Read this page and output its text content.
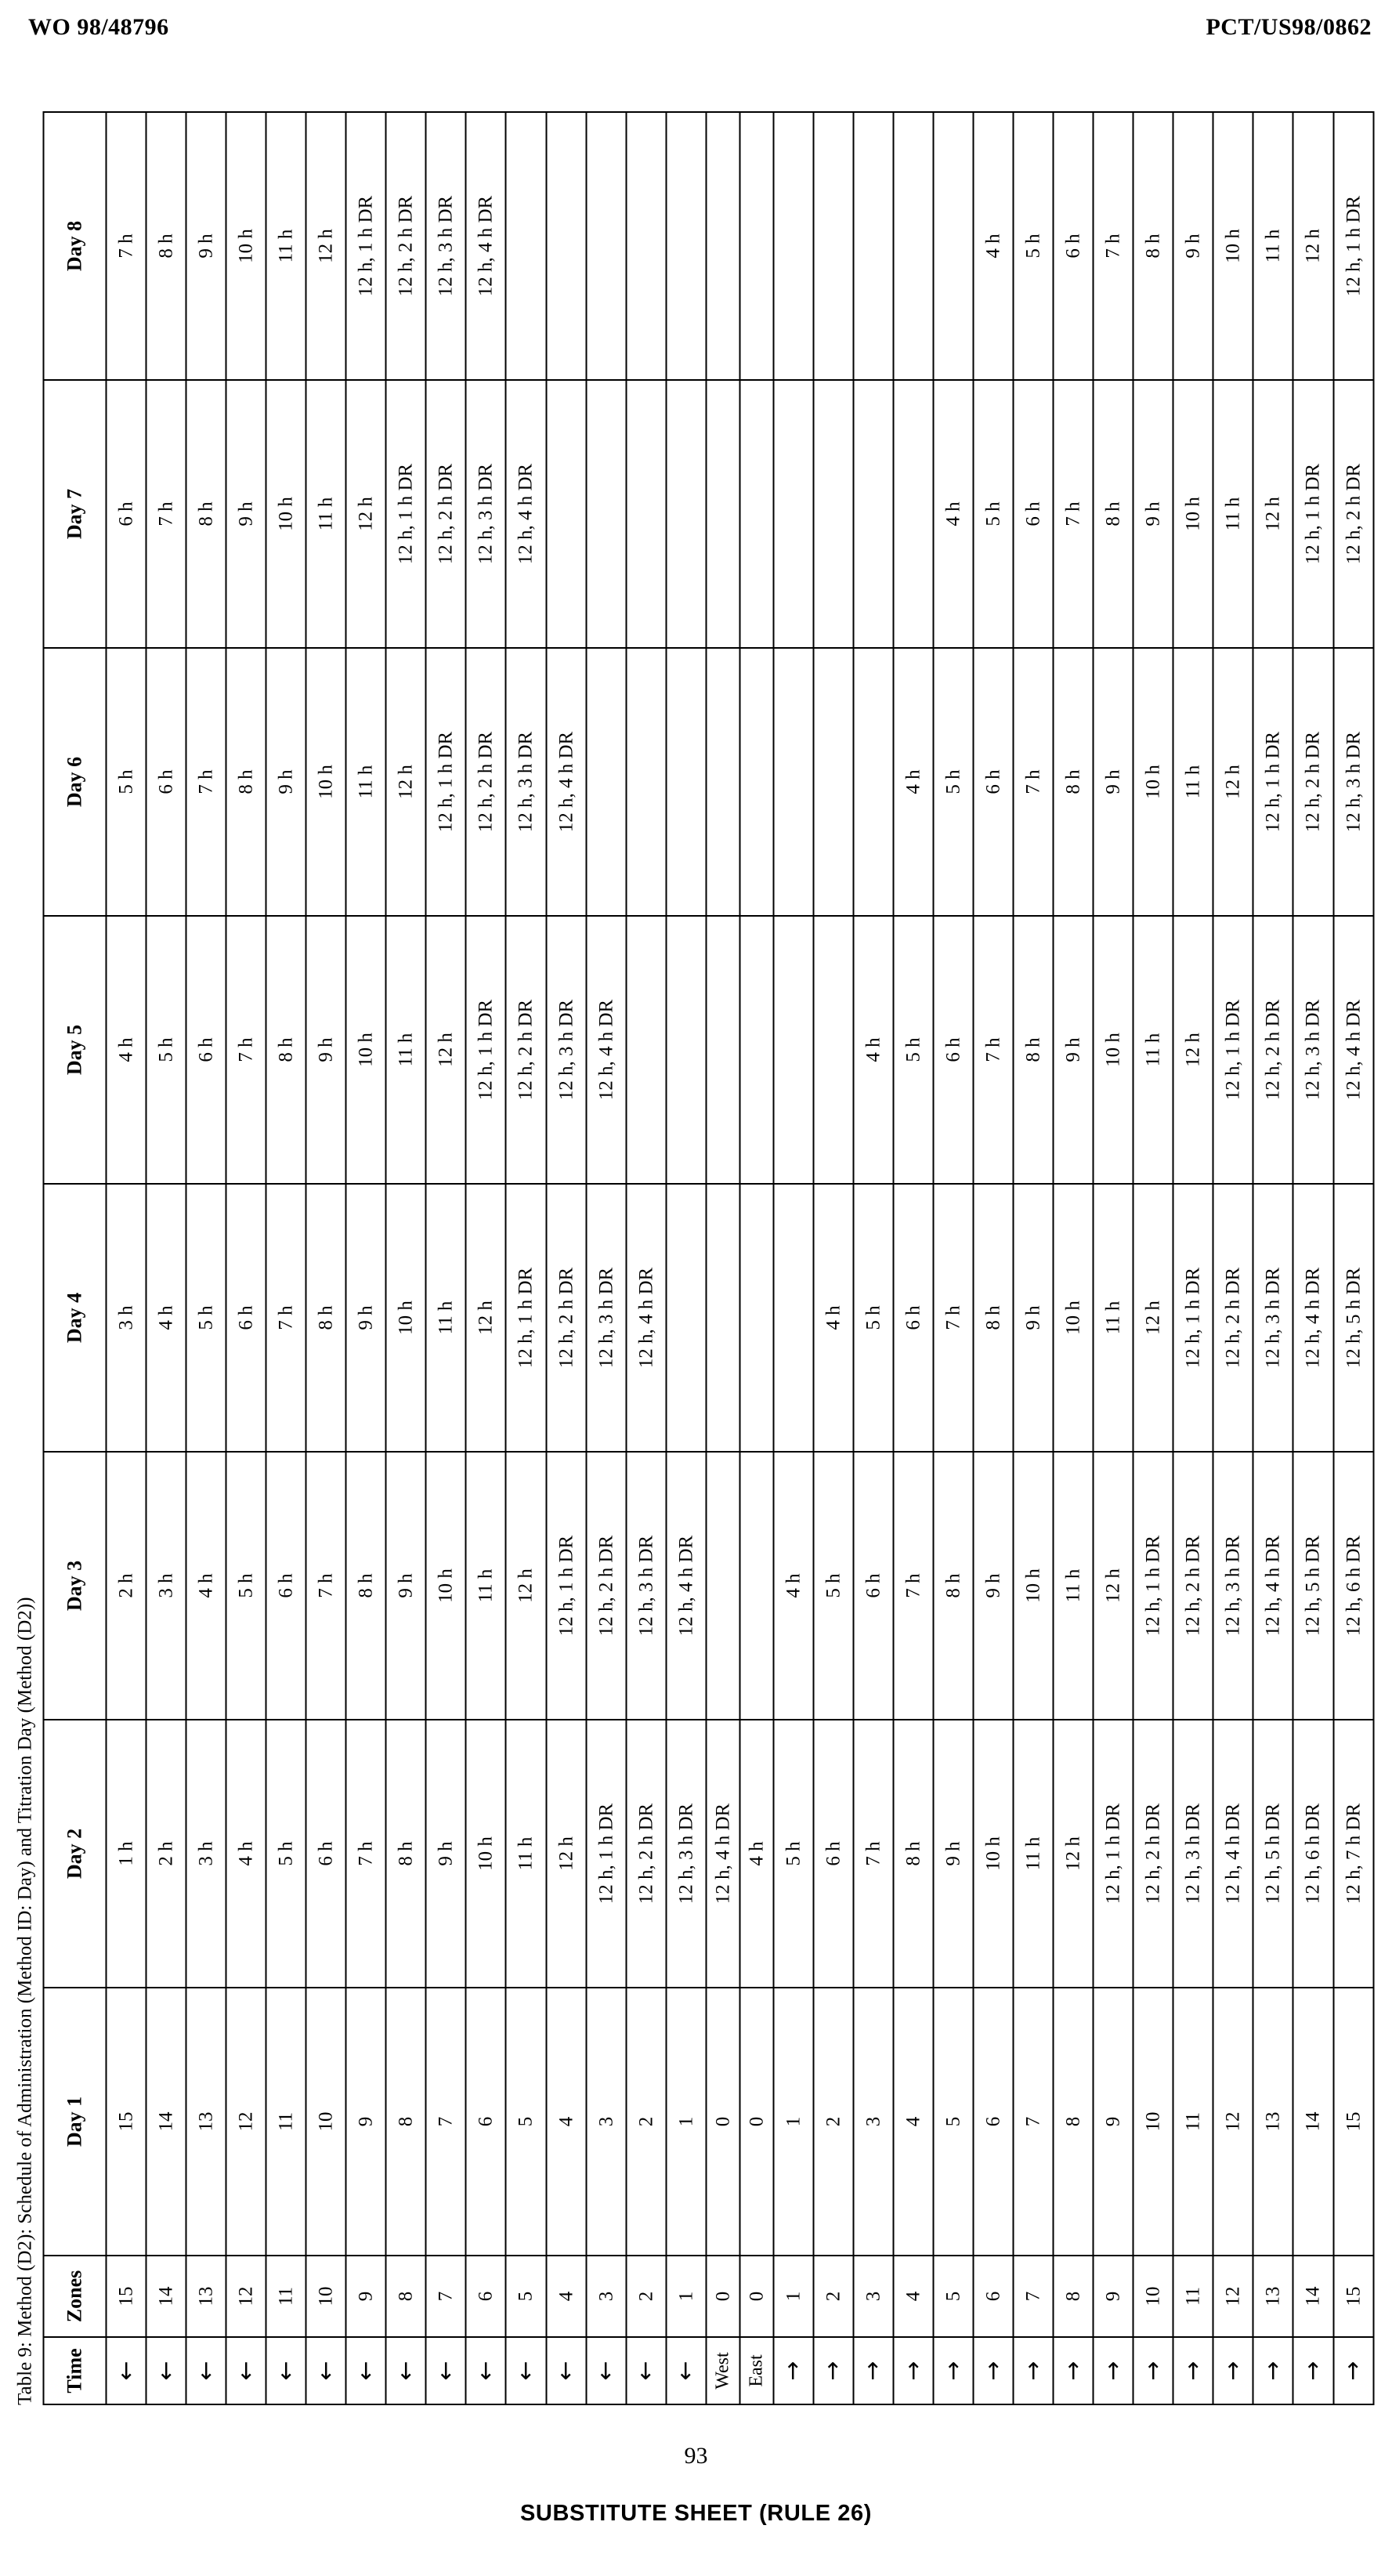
WO 98/48796	PCT/US98/0862
Table 9: Method (D2): Schedule of Administration (Method ID: Day) and Titration Day (Method (D2)) Time	Zones	Day 1	Day 2	Day 3	Day 4	Day 5	Day 6	Day 7	Day 8
←	15	15	1 h	2 h	3 h	4 h	5 h	6 h	7 h
←	14	14	2 h	3 h	4 h	5 h	6 h	7 h	8 h
←	13	13	3 h	4 h	5 h	6 h	7 h	8 h	9 h
←	12	12	4 h	5 h	6 h	7 h	8 h	9 h	10 h
←	11	11	5 h	6 h	7 h	8 h	9 h	10 h	11 h
←	10	10	6 h	7 h	8 h	9 h	10 h	11 h	12 h
←	9	9	7 h	8 h	9 h	10 h	11 h	12 h	12 h, 1 h DR
←	8	8	8 h	9 h	10 h	11 h	12 h	12 h, 1 h DR	12 h, 2 h DR
←	7	7	9 h	10 h	11 h	12 h	12 h, 1 h DR	12 h, 2 h DR	12 h, 3 h DR
←	6	6	10 h	11 h	12 h	12 h, 1 h DR	12 h, 2 h DR	12 h, 3 h DR	12 h, 4 h DR
←	5	5	11 h	12 h	12 h, 1 h DR	12 h, 2 h DR	12 h, 3 h DR	12 h, 4 h DR	
←	4	4	12 h	12 h, 1 h DR	12 h, 2 h DR	12 h, 3 h DR	12 h, 4 h DR		
←	3	3	12 h, 1 h DR	12 h, 2 h DR	12 h, 3 h DR	12 h, 4 h DR			
←	2	2	12 h, 2 h DR	12 h, 3 h DR	12 h, 4 h DR				
←	1	1	12 h, 3 h DR	12 h, 4 h DR					
West	0	0	12 h, 4 h DR						
East	0	0	4 h						
→	1	1	5 h	4 h					
→	2	2	6 h	5 h	4 h				
→	3	3	7 h	6 h	5 h	4 h			
→	4	4	8 h	7 h	6 h	5 h	4 h		
→	5	5	9 h	8 h	7 h	6 h	5 h	4 h	
→	6	6	10 h	9 h	8 h	7 h	6 h	5 h	4 h
→	7	7	11 h	10 h	9 h	8 h	7 h	6 h	5 h
→	8	8	12 h	11 h	10 h	9 h	8 h	7 h	6 h
→	9	9	12 h, 1 h DR	12 h	11 h	10 h	9 h	8 h	7 h
→	10	10	12 h, 2 h DR	12 h, 1 h DR	12 h	11 h	10 h	9 h	8 h
→	11	11	12 h, 3 h DR	12 h, 2 h DR	12 h, 1 h DR	12 h	11 h	10 h	9 h
→	12	12	12 h, 4 h DR	12 h, 3 h DR	12 h, 2 h DR	12 h, 1 h DR	12 h	11 h	10 h
→	13	13	12 h, 5 h DR	12 h, 4 h DR	12 h, 3 h DR	12 h, 2 h DR	12 h, 1 h DR	12 h	11 h
→	14	14	12 h, 6 h DR	12 h, 5 h DR	12 h, 4 h DR	12 h, 3 h DR	12 h, 2 h DR	12 h, 1 h DR	12 h
→	15	15	12 h, 7 h DR	12 h, 6 h DR	12 h, 5 h DR	12 h, 4 h DR	12 h, 3 h DR	12 h, 2 h DR	12 h, 1 h DR
93
SUBSTITUTE SHEET (RULE 26)
